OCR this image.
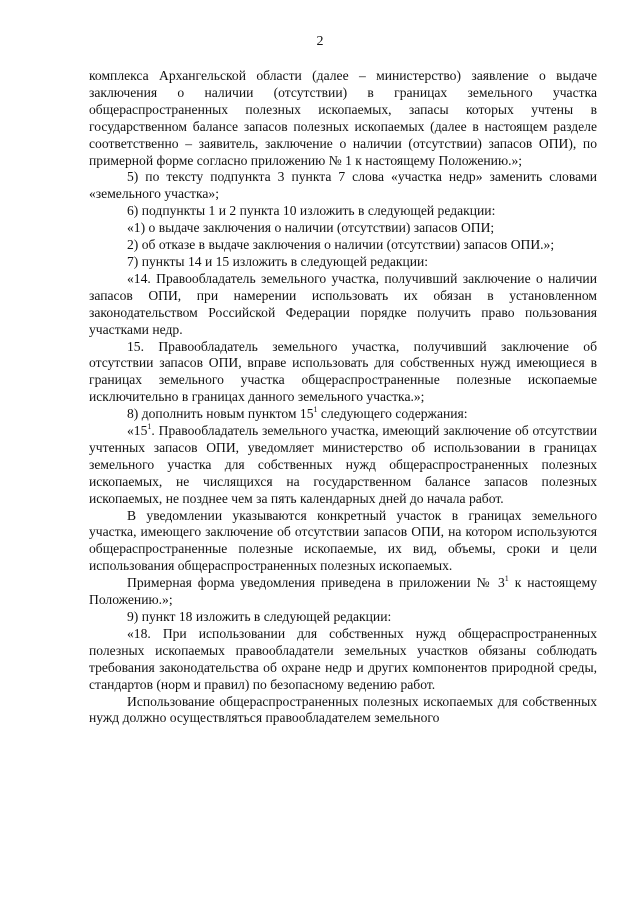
2

комплекса Архангельской области (далее – министерство) заявление о выдаче заключения о наличии (отсутствии) в границах земельного участка общераспространенных полезных ископаемых, запасы которых учтены в государственном балансе запасов полезных ископаемых (далее в настоящем разделе соответственно – заявитель, заключение о наличии (отсутствии) запасов ОПИ), по примерной форме согласно приложению № 1 к настоящему Положению.»;

5) по тексту подпункта 3 пункта 7 слова «участка недр» заменить словами «земельного участка»;

6) подпункты 1 и 2 пункта 10 изложить в следующей редакции:

«1) о выдаче заключения о наличии (отсутствии) запасов ОПИ;

2) об отказе в выдаче заключения о наличии (отсутствии) запасов ОПИ.»;

7) пункты 14 и 15 изложить в следующей редакции:

«14. Правообладатель земельного участка, получивший заключение о наличии запасов ОПИ, при намерении использовать их обязан в установленном законодательством Российской Федерации порядке получить право пользования участками недр.

15. Правообладатель земельного участка, получивший заключение об отсутствии запасов ОПИ, вправе использовать для собственных нужд имеющиеся в границах земельного участка общераспространенные полезные ископаемые исключительно в границах данного земельного участка.»;

8) дополнить новым пунктом $15^1$ следующего содержания:

«$15^1$. Правообладатель земельного участка, имеющий заключение об отсутствии учтенных запасов ОПИ, уведомляет министерство об использовании в границах земельного участка для собственных нужд общераспространенных полезных ископаемых, не числящихся на государственном балансе запасов полезных ископаемых, не позднее чем за пять календарных дней до начала работ.

В уведомлении указываются конкретный участок в границах земельного участка, имеющего заключение об отсутствии запасов ОПИ, на котором используются общераспространенные полезные ископаемые, их вид, объемы, сроки и цели использования общераспространенных полезных ископаемых.

Примерная форма уведомления приведена в приложении № $3^1$ к настоящему Положению.»;

9) пункт 18 изложить в следующей редакции:

«18. При использовании для собственных нужд общераспространенных полезных ископаемых правообладатели земельных участков обязаны соблюдать требования законодательства об охране недр и других компонентов природной среды, стандартов (норм и правил) по безопасному ведению работ.

Использование общераспространенных полезных ископаемых для собственных нужд должно осуществляться правообладателем земельного
